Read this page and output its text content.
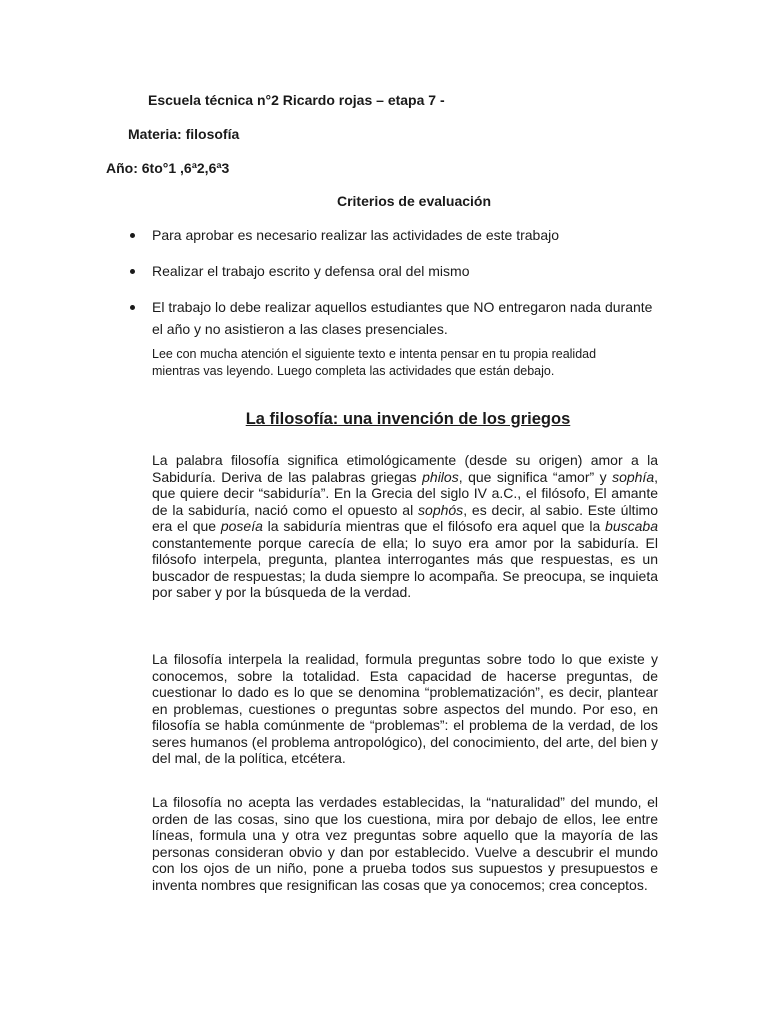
Escuela técnica n°2 Ricardo rojas – etapa 7 -
Materia: filosofía
Año: 6to°1 ,6ª2,6ª3
Criterios de evaluación
Para aprobar es necesario realizar las actividades de este trabajo
Realizar el trabajo escrito y defensa oral del mismo
El trabajo lo debe realizar aquellos estudiantes que NO entregaron nada durante el año y no asistieron a las clases presenciales.
Lee con mucha atención el siguiente texto e intenta pensar en tu propia realidad mientras vas leyendo. Luego completa las actividades que están debajo.
La filosofía: una invención de los griegos

La palabra filosofía significa etimológicamente (desde su origen) amor a la Sabiduría. Deriva de las palabras griegas philos, que significa “amor” y sophía, que quiere decir “sabiduría”. En la Grecia del siglo IV a.C., el filósofo, El amante de la sabiduría, nació como el opuesto al sophós, es decir, al sabio. Este último era el que poseía la sabiduría mientras que el filósofo era aquel que la buscaba constantemente porque carecía de ella; lo suyo era amor por la sabiduría. El filósofo interpela, pregunta, plantea interrogantes más que respuestas, es un buscador de respuestas; la duda siempre lo acompaña. Se preocupa, se inquieta por saber y por la búsqueda de la verdad.

La filosofía interpela la realidad, formula preguntas sobre todo lo que existe y conocemos, sobre la totalidad. Esta capacidad de hacerse preguntas, de cuestionar lo dado es lo que se denomina “problematización”, es decir, plantear en problemas, cuestiones o preguntas sobre aspectos del mundo. Por eso, en filosofía se habla comúnmente de “problemas”: el problema de la verdad, de los seres humanos (el problema antropológico), del conocimiento, del arte, del bien y del mal, de la política, etcétera.

La filosofía no acepta las verdades establecidas, la “naturalidad” del mundo, el orden de las cosas, sino que los cuestiona, mira por debajo de ellos, lee entre líneas, formula una y otra vez preguntas sobre aquello que la mayoría de las personas consideran obvio y dan por establecido. Vuelve a descubrir el mundo con los ojos de un niño, pone a prueba todos sus supuestos y presupuestos e inventa nombres que resignifican las cosas que ya conocemos; crea conceptos.
